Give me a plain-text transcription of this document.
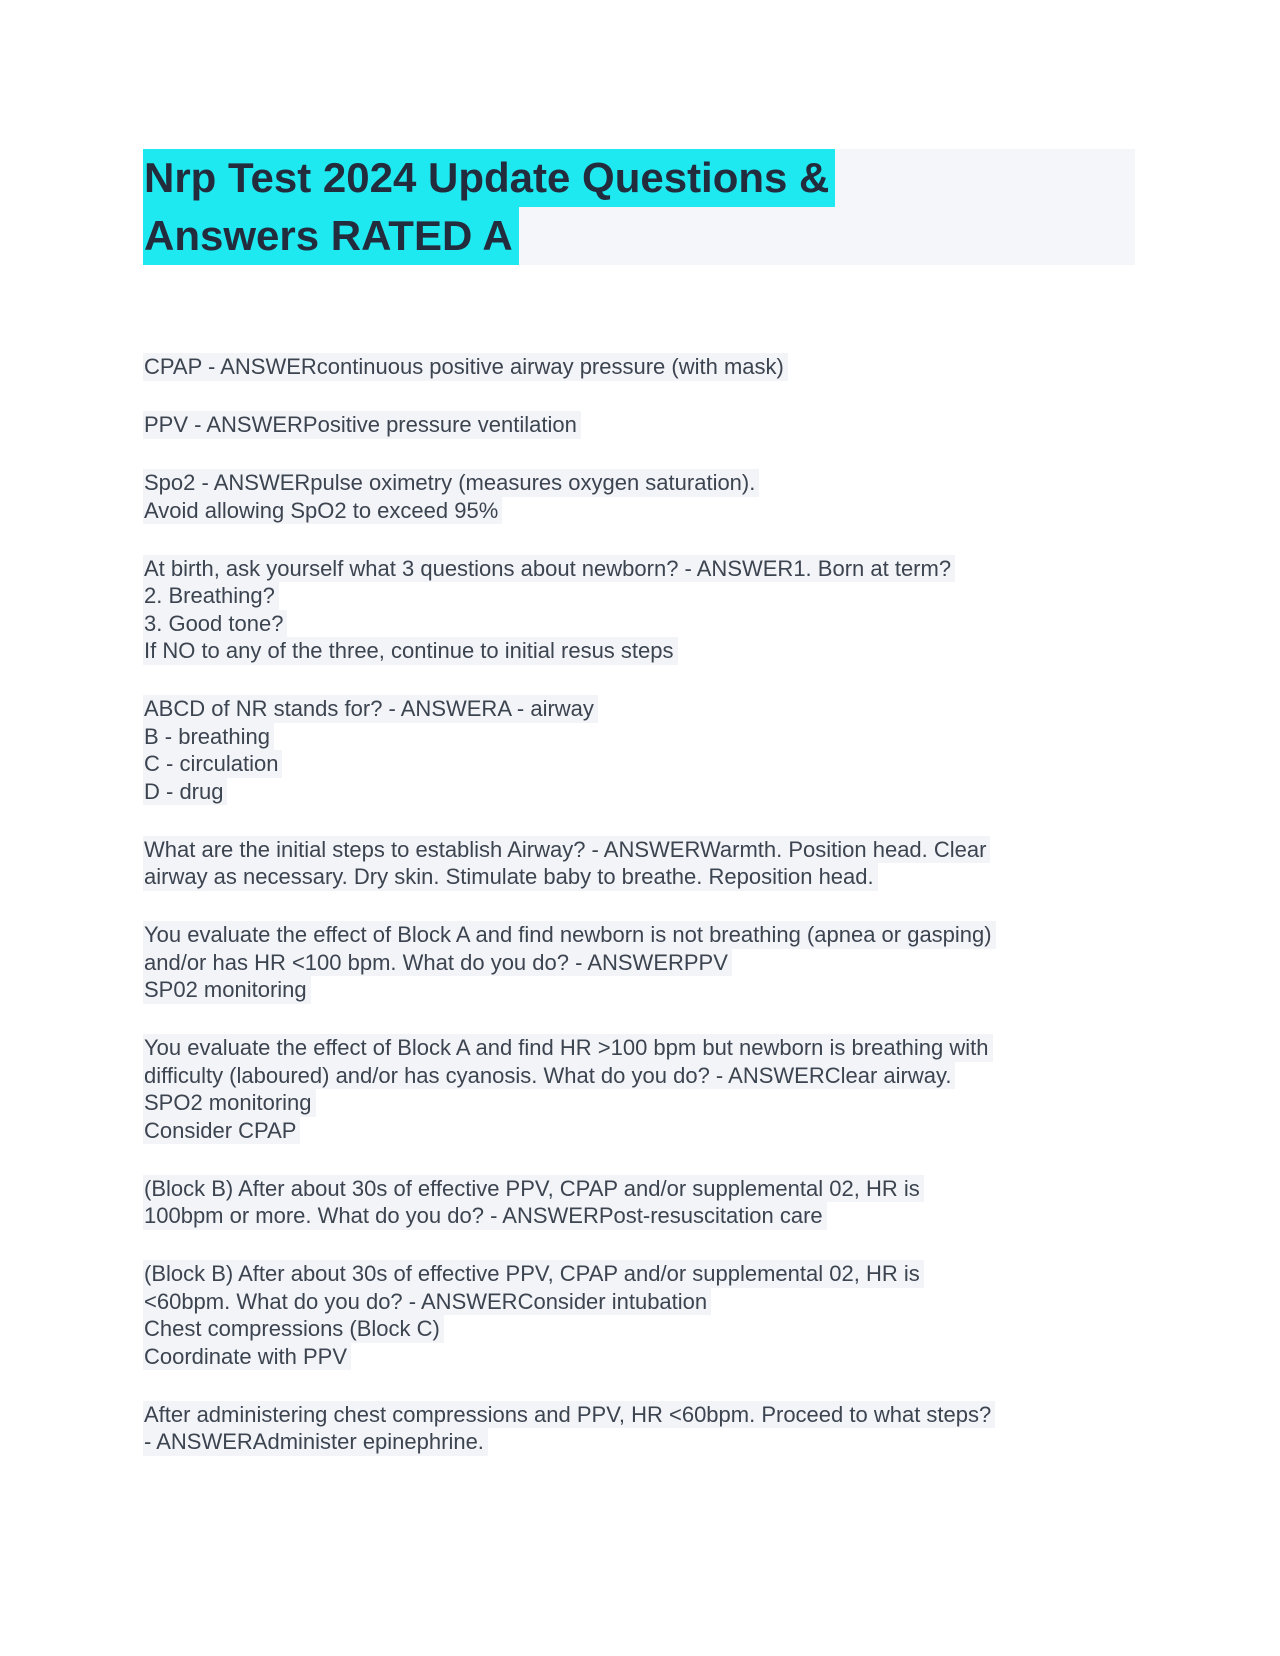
Nrp Test 2024 Update Questions &
Answers RATED A
CPAP - ANSWERcontinuous positive airway pressure (with mask)
PPV - ANSWERPositive pressure ventilation
Spo2 - ANSWERpulse oximetry (measures oxygen saturation).
Avoid allowing SpO2 to exceed 95%
At birth, ask yourself what 3 questions about newborn? - ANSWER1. Born at term?
2. Breathing?
3. Good tone?
If NO to any of the three, continue to initial resus steps
ABCD of NR stands for? - ANSWERA - airway
B - breathing
C - circulation
D - drug
What are the initial steps to establish Airway? - ANSWERWarmth. Position head. Clear
airway as necessary. Dry skin. Stimulate baby to breathe. Reposition head.
You evaluate the effect of Block A and find newborn is not breathing (apnea or gasping)
and/or has HR <100 bpm. What do you do? - ANSWERPPV
SP02 monitoring
You evaluate the effect of Block A and find HR >100 bpm but newborn is breathing with
difficulty (laboured) and/or has cyanosis. What do you do? - ANSWERClear airway.
SPO2 monitoring
Consider CPAP
(Block B) After about 30s of effective PPV, CPAP and/or supplemental 02, HR is
100bpm or more. What do you do? - ANSWERPost-resuscitation care
(Block B) After about 30s of effective PPV, CPAP and/or supplemental 02, HR is
<60bpm. What do you do? - ANSWERConsider intubation
Chest compressions (Block C)
Coordinate with PPV
After administering chest compressions and PPV, HR <60bpm. Proceed to what steps?
- ANSWERAdminister epinephrine.
